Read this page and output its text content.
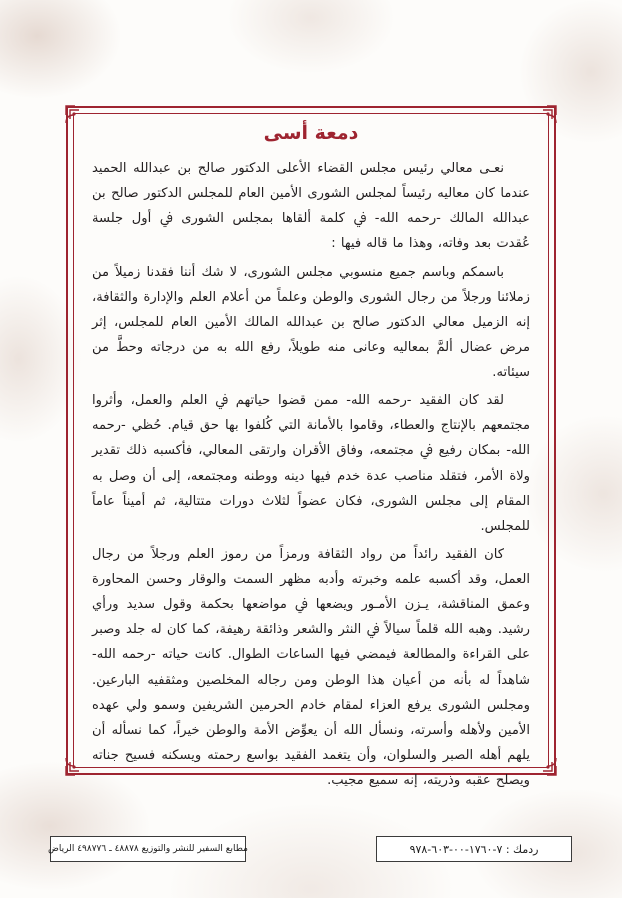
دمعة أسى

نعـى معالي رئيس مجلس القضاء الأعلى الدكتور صالح بن عبدالله الحميد عندما كان معاليه رئيساً لمجلس الشورى الأمين العام للمجلس الدكتور صالح بن عبدالله المالك -رحمه الله- ﰲ كلمة ألقاها بمجلس الشورى ﰲ أول جلسة عُقدت بعد وفاته، وهذا ما قاله فيها :

باسمكم وباسم جميع منسوبي مجلس الشورى، لا شك أننا فقدنا زميلاً من زملائنا ورجلاً من رجال الشورى والوطن وعلماً من أعلام العلم والإدارة والثقافة، إنه الزميل معالي الدكتور صالح بن عبدالله المالك الأمين العام للمجلس، إثر مرض عضال ألمَّ بمعاليه وعانى منه طويلاً، رفع الله به من درجاته وحطَّ من سيئاته.

لقد كان الفقيد -رحمه الله- ممن قضوا حياتهم ﰲ العلم والعمل، وأثروا مجتمعهم بالإنتاج والعطاء، وقاموا بالأمانة التي كُلفوا بها حق قيام. حُظي -رحمه الله- بمكان رفيع ﰲ مجتمعه، وفاق الأقران وارتقى المعالي، فأكسبه ذلك تقدير ولاة الأمر، فتقلد مناصب عدة خدم فيها دينه ووطنه ومجتمعه، إلى أن وصل به المقام إلى مجلس الشورى، فكان عضواً لثلاث دورات متتالية، ثم أميناً عاماً للمجلس.

كان الفقيد رائداً من رواد الثقافة ورمزاً من رموز العلم ورجلاً من رجال العمل، وقد أكسبه علمه وخبرته وأدبه مظهر السمت والوقار وحسن المحاورة وعمق المناقشة، يـزن الأمـور ويضعها ﰲ مواضعها بحكمة وقول سديد ورأي رشيد. وهبه الله قلماً سيالاً ﰲ النثر والشعر وذائقة رهيفة، كما كان له جلد وصبر على القراءة والمطالعة فيمضي فيها الساعات الطوال. كانت حياته -رحمه الله- شاهداً له بأنه من أعيان هذا الوطن ومن رجاله المخلصين ومثقفيه البارعين. ومجلس الشورى يرفع العزاء لمقام خادم الحرمين الشريفين وسمو ولي عهده الأمين ولأهله وأسرته، ونسأل الله أن يعوِّض الأمة والوطن خيراً، كما نسأله أن يلهم أهله الصبر والسلوان، وأن يتغمد الفقيد بواسع رحمته ويسكنه فسيح جناته ويصلح عقبه وذريته، إنه سميع مجيب.

ردمك : ٧-١٧٦٠-٠٠-٦٠٣-٩٧٨
مطابع السفير للنشر والتوزيع ٤٨٨٧٨ ـ ٤٩٨٧٧٦ الرياض
